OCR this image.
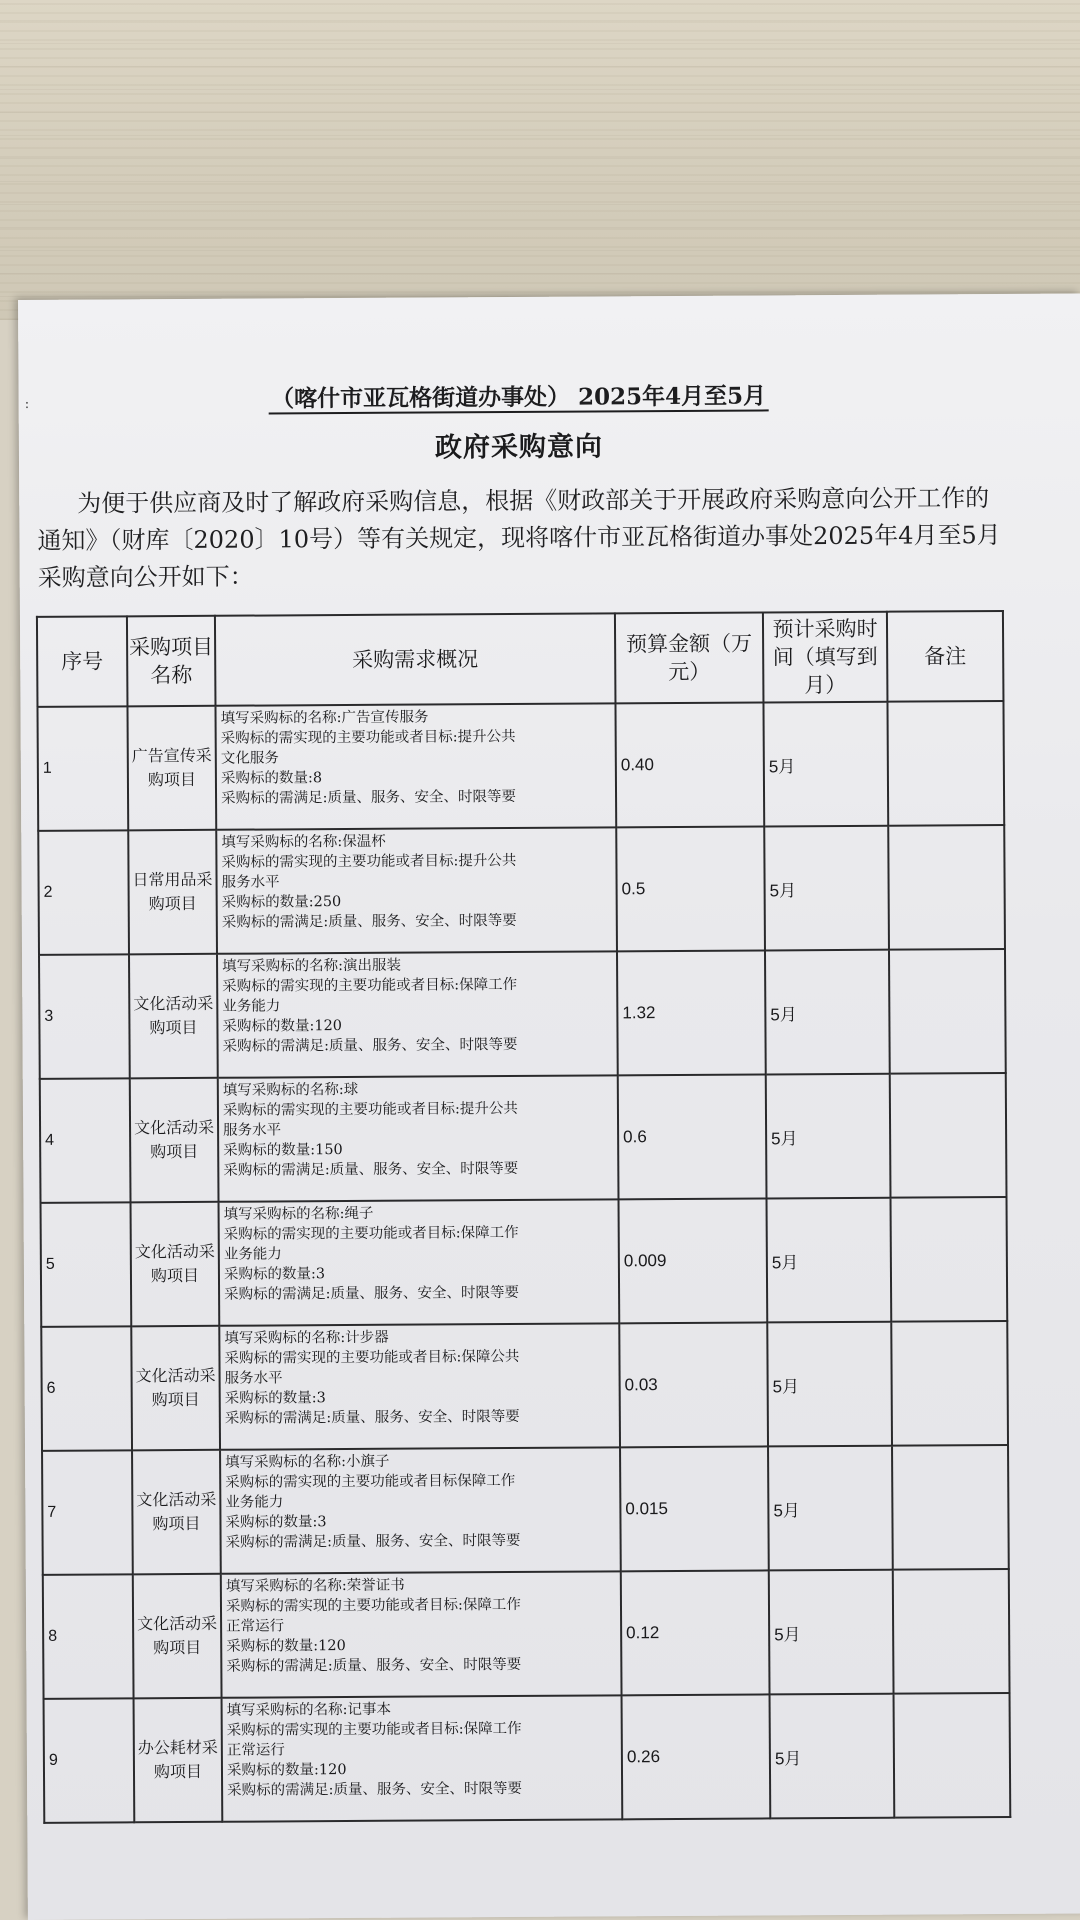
:	（喀什市亚瓦格街道办事处） 2025年4月至5月
政府采购意向
为便于供应商及时了解政府采购信息，根据《财政部关于开展政府采购意向公开工作的通知》（财库〔2020〕10号）等有关规定，现将喀什市亚瓦格街道办事处2025年4月至5月采购意向公开如下：
序号	采购项目名称	采购需求概况	预算金额（万元）	预计采购时间（填写到月）	备注
1	广告宣传采购项目	填写采购标的名称:广告宣传服务
采购标的需实现的主要功能或者目标:提升公共
文化服务
采购标的数量:8
采购标的需满足:质量、服务、安全、时限等要	0.40	5月	
2	日常用品采购项目	填写采购标的名称:保温杯
采购标的需实现的主要功能或者目标:提升公共
服务水平
采购标的数量:250
采购标的需满足:质量、服务、安全、时限等要	0.5	5月	
3	文化活动采购项目	填写采购标的名称:演出服装
采购标的需实现的主要功能或者目标:保障工作
业务能力
采购标的数量:120
采购标的需满足:质量、服务、安全、时限等要	1.32	5月	
4	文化活动采购项目	填写采购标的名称:球
采购标的需实现的主要功能或者目标:提升公共
服务水平
采购标的数量:150
采购标的需满足:质量、服务、安全、时限等要	0.6	5月	
5	文化活动采购项目	填写采购标的名称:绳子
采购标的需实现的主要功能或者目标:保障工作
业务能力
采购标的数量:3
采购标的需满足:质量、服务、安全、时限等要	0.009	5月	
6	文化活动采购项目	填写采购标的名称:计步器
采购标的需实现的主要功能或者目标:保障公共
服务水平
采购标的数量:3
采购标的需满足:质量、服务、安全、时限等要	0.03	5月	
7	文化活动采购项目	填写采购标的名称:小旗子
采购标的需实现的主要功能或者目标保障工作
业务能力
采购标的数量:3
采购标的需满足:质量、服务、安全、时限等要	0.015	5月	
8	文化活动采购项目	填写采购标的名称:荣誉证书
采购标的需实现的主要功能或者目标:保障工作
正常运行
采购标的数量:120
采购标的需满足:质量、服务、安全、时限等要	0.12	5月	
9	办公耗材采购项目	填写采购标的名称:记事本
采购标的需实现的主要功能或者目标:保障工作
正常运行
采购标的数量:120
采购标的需满足:质量、服务、安全、时限等要	0.26	5月	
